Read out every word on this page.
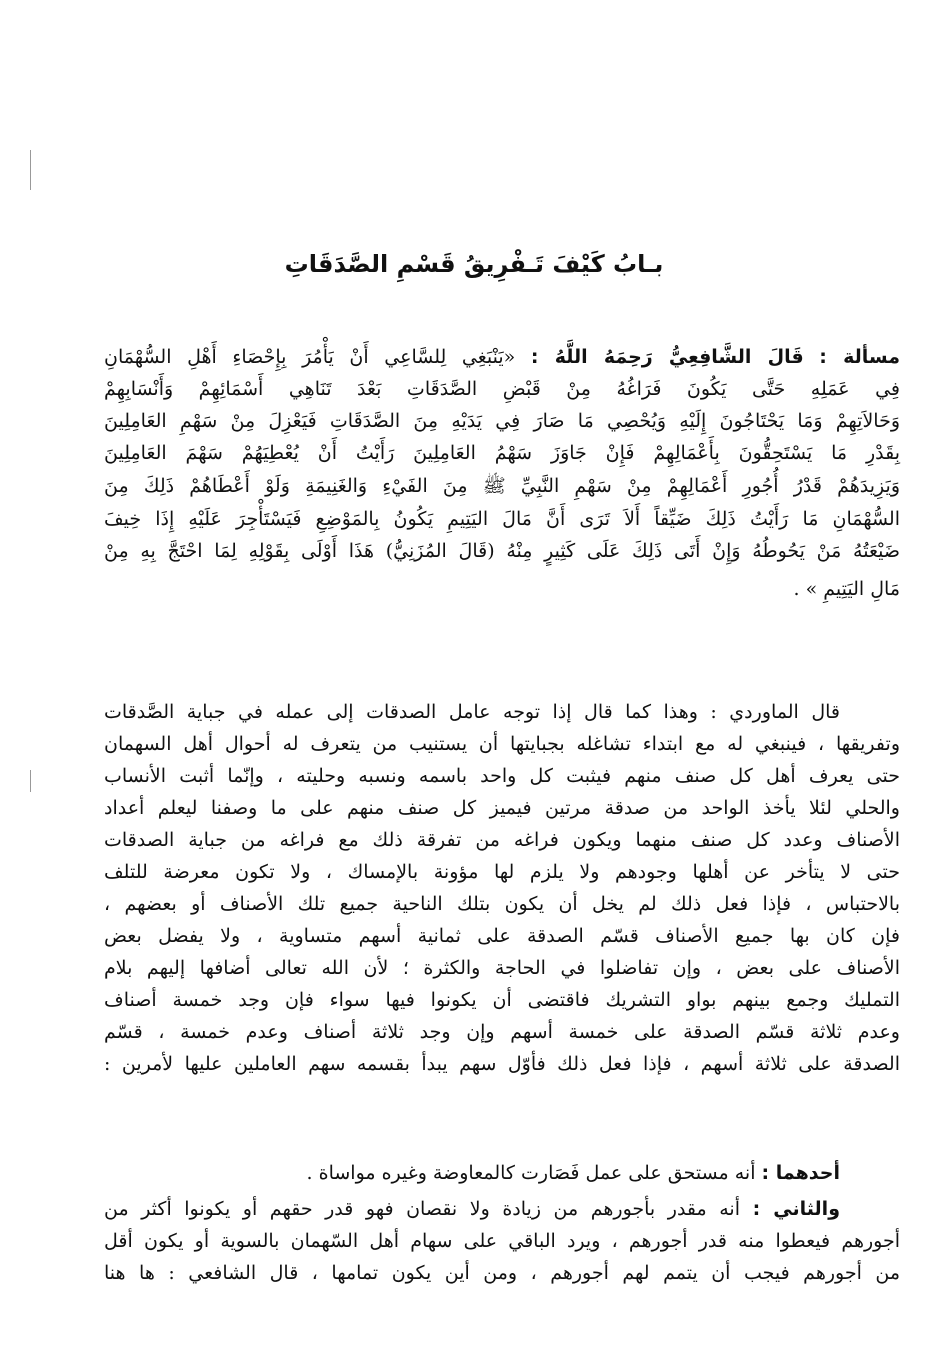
بـابُ كَيْفَ تَـفْرِيقُ قَسْمِ الصَّدَقَاتِ
مسألة : قَالَ الشَّافِعِيُّ رَحِمَهُ اللَّهُ : «يَنْبَغِي لِلسَّاعِي أَنْ يَأْمُرَ بِإِحْصَاءِ أَهْلِ السُّهْمَانِ
فِي عَمَلِهِ حَتَّى يَكُونَ فَرَاغُهُ مِنْ قَبْضِ الصَّدَقَاتِ بَعْدَ تَنَاهِي أَسْمَائِهِمْ وَأَنْسَابِهِمْ
وَحَالاَتِهِمْ وَمَا يَحْتَاجُونَ إِلَيْهِ وَيُحْصِي مَا صَارَ فِي يَدَيْهِ مِنَ الصَّدَقَاتِ فَيَعْزِلَ مِنْ سَهْمِ العَامِلِينَ
بِقَدْرِ مَا يَسْتَحِقُّونَ بِأَعْمَالِهِمْ فَإِنْ جَاوَزَ سَهْمُ العَامِلِينَ رَأَيْتُ أَنْ يُعْطِيَهُمْ سَهْمَ العَامِلِينَ
وَيَزِيدَهُمْ قَدْرُ أُجُورِ أَعْمَالِهِمْ مِنْ سَهْمِ النَّبِيِّ ﷺ مِنَ الفَيْءِ وَالغَنِيمَةِ وَلَوْ أَعْطَاهُمْ ذَلِكَ مِنَ
السُّهْمَانِ مَا رَأَيْتُ ذَلِكَ ضَيِّقاً أَلاَ تَرَى أَنَّ مَالَ اليَتِيمِ يَكُونُ بِالمَوْضِعِ فَيَسْتَأْجِرَ عَلَيْهِ إِذَا خِيفَ
ضَيْعَتُهُ مَنْ يَحُوطُهُ وَإِنْ أَتَى ذَلِكَ عَلَى كَثِيرٍ مِنْهُ (قَالَ المُزَنِيُّ) هَذَا أَوْلَى بِقَوْلِهِ لِمَا احْتَجَّ بِهِ مِنْ
مَالِ اليَتِيمِ » .
قال الماوردي : وهذا كما قال إذا توجه عامل الصدقات إلى عمله في جباية الصَّدقات
وتفريقها ، فينبغي له مع ابتداء تشاغله بجبايتها أن يستنيب من يتعرف له أحوال أهل السهمان
حتى يعرف أهل كل صنف منهم فيثبت كل واحد باسمه ونسبه وحليته ، وإنّما أثبت الأنساب
والحلي لئلا يأخذ الواحد من صدقة مرتين فيميز كل صنف منهم على ما وصفنا ليعلم أعداد
الأصناف وعدد كل صنف منهما ويكون فراغه من تفرقة ذلك مع فراغه من جباية الصدقات
حتى لا يتأخر عن أهلها وجودهم ولا يلزم لها مؤونة بالإمساك ، ولا تكون معرضة للتلف
بالاحتباس ، فإذا فعل ذلك لم يخل أن يكون بتلك الناحية جميع تلك الأصناف أو بعضهم ،
فإن كان بها جميع الأصناف قسّم الصدقة على ثمانية أسهم متساوية ، ولا يفضل بعض
الأصناف على بعض ، وإن تفاضلوا في الحاجة والكثرة ؛ لأن الله تعالى أضافها إليهم بلام
التمليك وجمع بينهم بواو التشريك فاقتضى أن يكونوا فيها سواء فإن وجد خمسة أصناف
وعدم ثلاثة قسّم الصدقة على خمسة أسهم وإن وجد ثلاثة أصناف وعدم خمسة ، قسّم
الصدقة على ثلاثة أسهم ، فإذا فعل ذلك فأوّل سهم يبدأ بقسمه سهم العاملين عليها لأمرين :
أحدهما : أنه مستحق على عمل فَصَارت كالمعاوضة وغيره مواساة .
والثاني : أنه مقدر بأجورهم من زيادة ولا نقصان فهو قدر حقهم أو يكونوا أكثر من
أجورهم فيعطوا منه قدر أجورهم ، ويرد الباقي على سهام أهل السّهمان بالسوية أو يكون أقل
من أجورهم فيجب أن يتمم لهم أجورهم ، ومن أين يكون تمامها ، قال الشافعي : ها هنا
